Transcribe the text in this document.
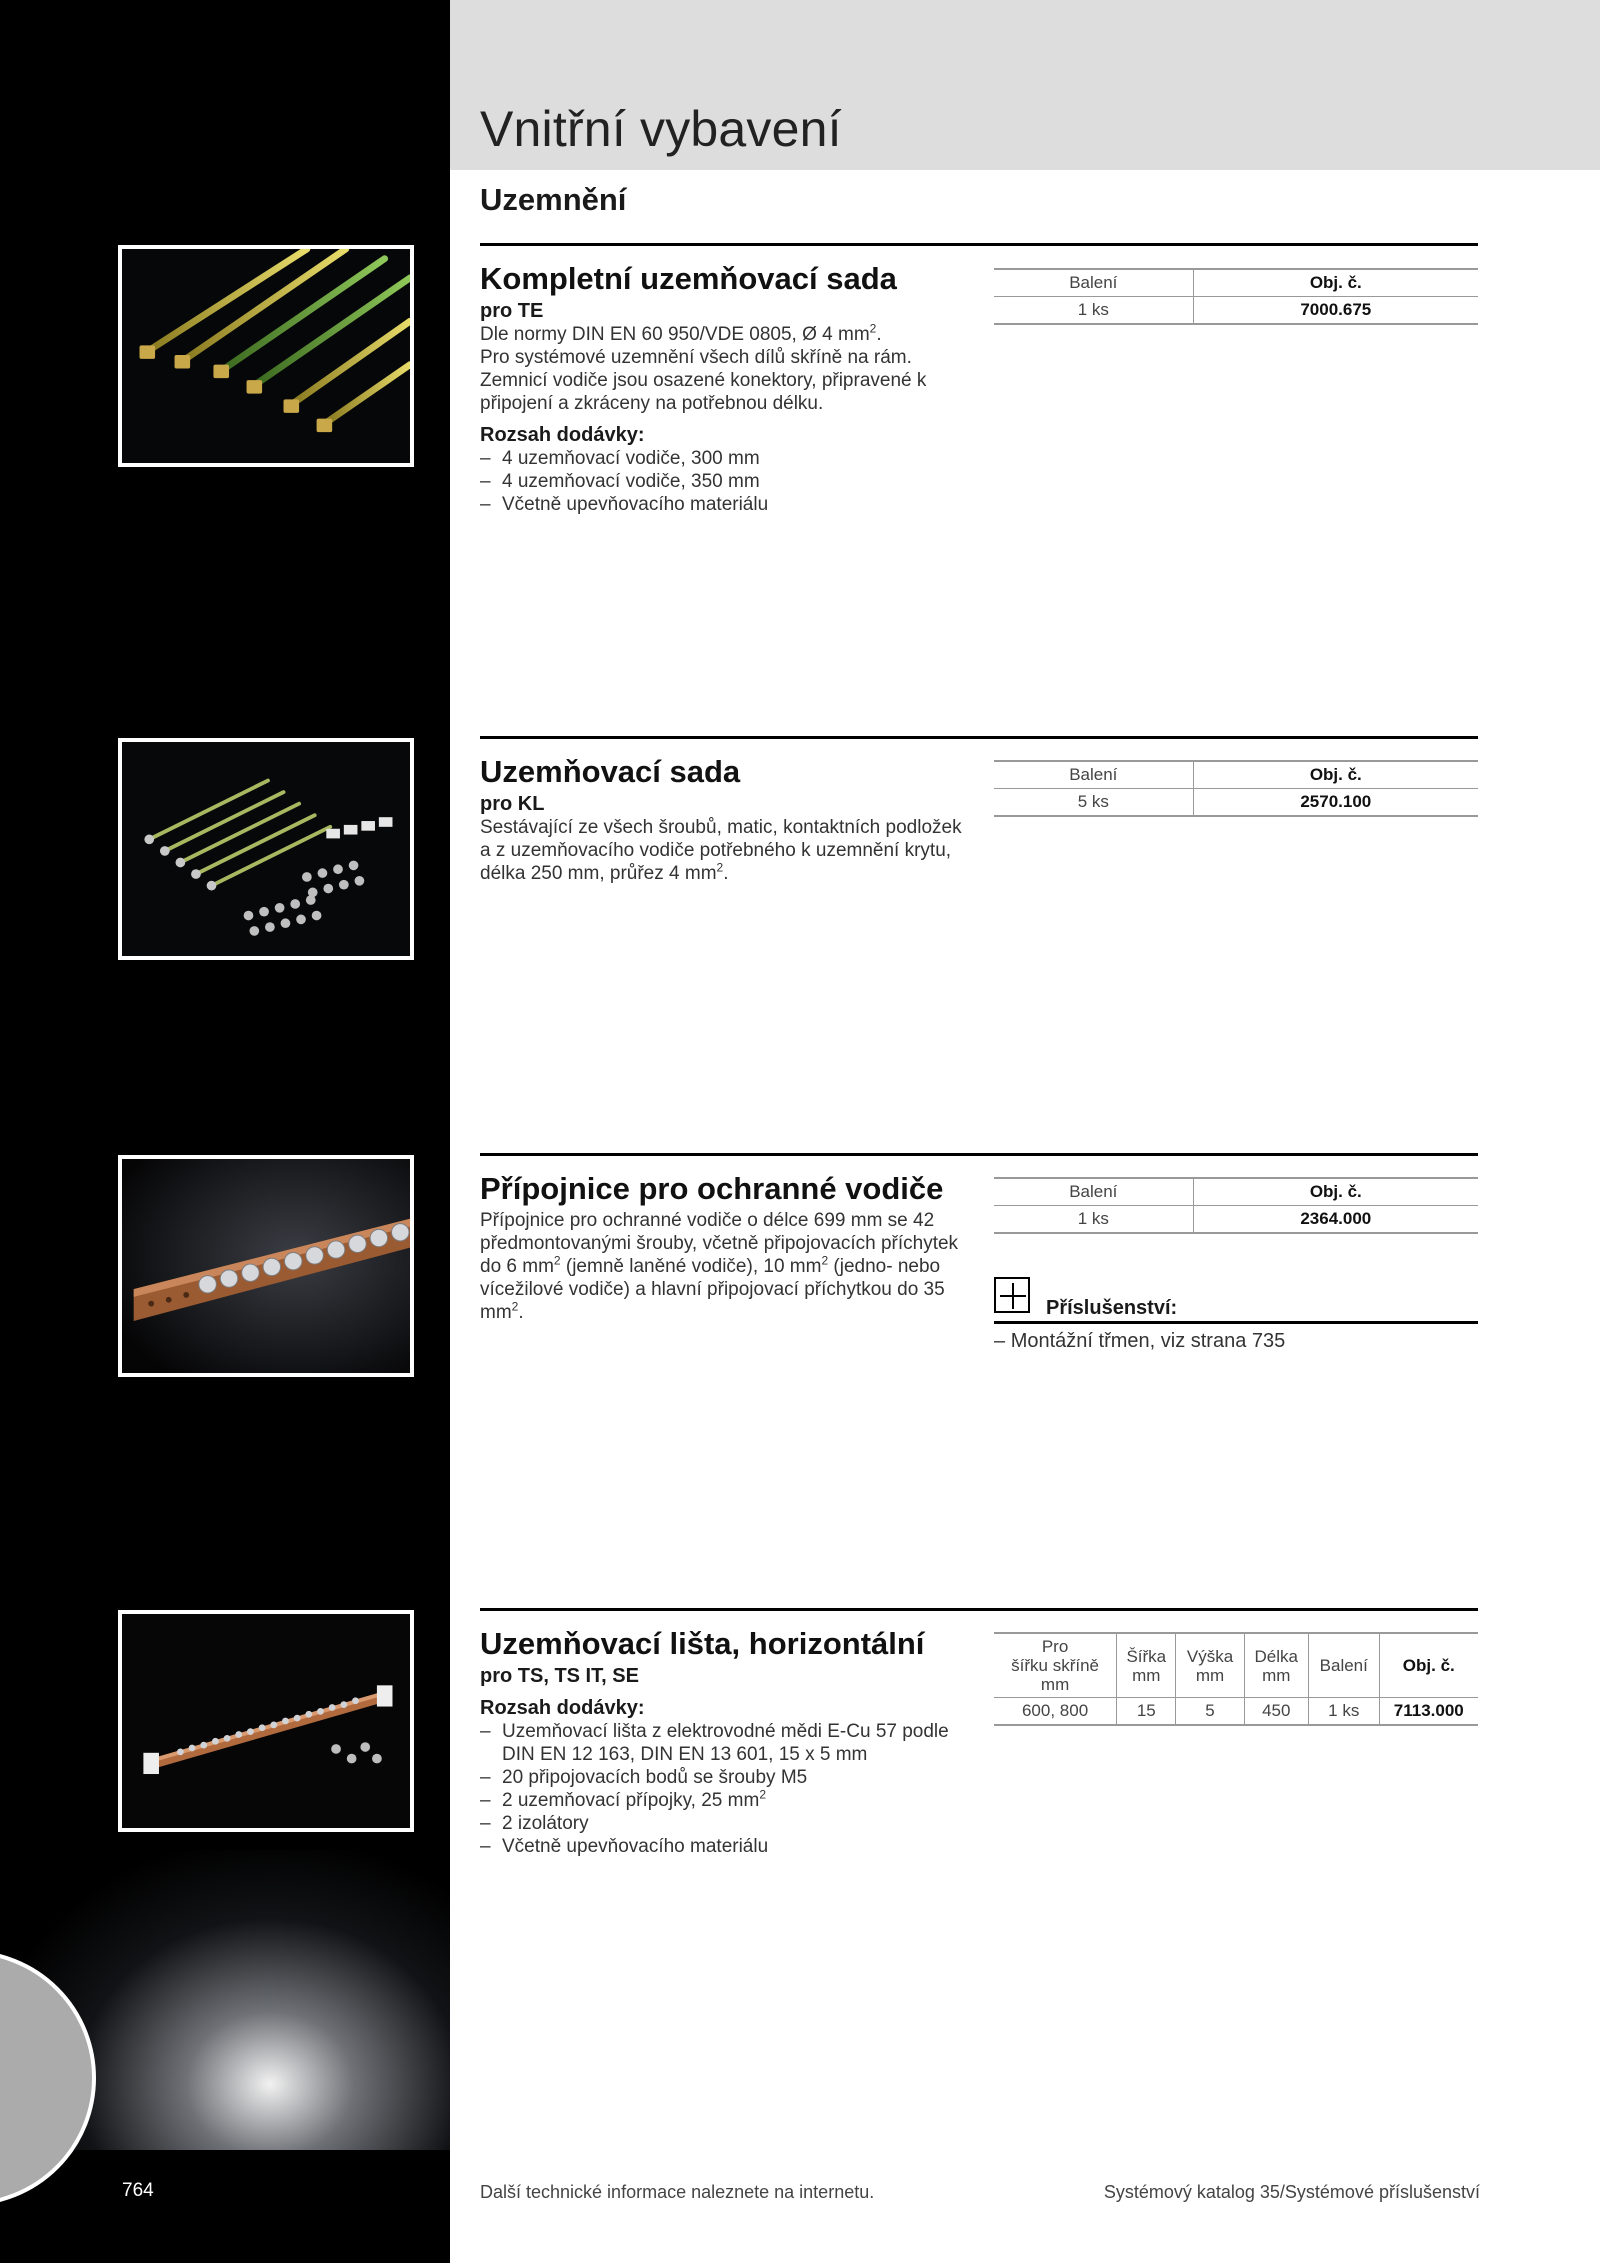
764
Vnitřní vybavení
Uzemnění

Kompletní uzemňovací sada

pro TE

Dle normy DIN EN 60 950/VDE 0805, Ø 4 $mm^2$.
Pro systémové uzemnění všech dílů skříně na rám. Zemnicí vodiče jsou osazené konektory, připravené k připojení a zkráceny na potřebnou délku.

Rozsah dodávky:

– 4 uzemňovací vodiče, 300 mm
– 4 uzemňovací vodiče, 350 mm
– Včetně upevňovacího materiálu
Balení	Obj. č.
1 ks	7000.675

Uzemňovací sada

pro KL

Sestávající ze všech šroubů, matic, kontaktních podložek a z uzemňovacího vodiče potřebného k uzemnění krytu, délka 250 mm, průřez 4 $mm^2$.

Balení	Obj. č.
5 ks	2570.100

Přípojnice pro ochranné vodiče

Přípojnice pro ochranné vodiče o délce 699 mm se 42 předmontovanými šrouby, včetně připojovacích příchytek do 6 $mm^2$ (jemně laněné vodiče), 10 $mm^2$ (jedno- nebo vícežilové vodiče) a hlavní připojovací příchytkou do 35 $mm^2$.

Balení	Obj. č.
1 ks	2364.000
Příslušenství:
– Montážní třmen, viz strana 735

Uzemňovací lišta, horizontální

pro TS, TS IT, SE

Rozsah dodávky:

– Uzemňovací lišta z elektrovodné mědi E-Cu 57 podle DIN EN 12 163, DIN EN 13 601, 15 x 5 mm
– 20 připojovacích bodů se šrouby M5
– 2 uzemňovací přípojky, 25 $mm^2$
– 2 izolátory
– Včetně upevňovacího materiálu
Pro
šířku skříně
mm	Šířka
mm	Výška
mm	Délka
mm	Balení	Obj. č.
600, 800	15	5	450	1 ks	7113.000
Další technické informace naleznete na internetu.	Systémový katalog 35/Systémové příslušenství
